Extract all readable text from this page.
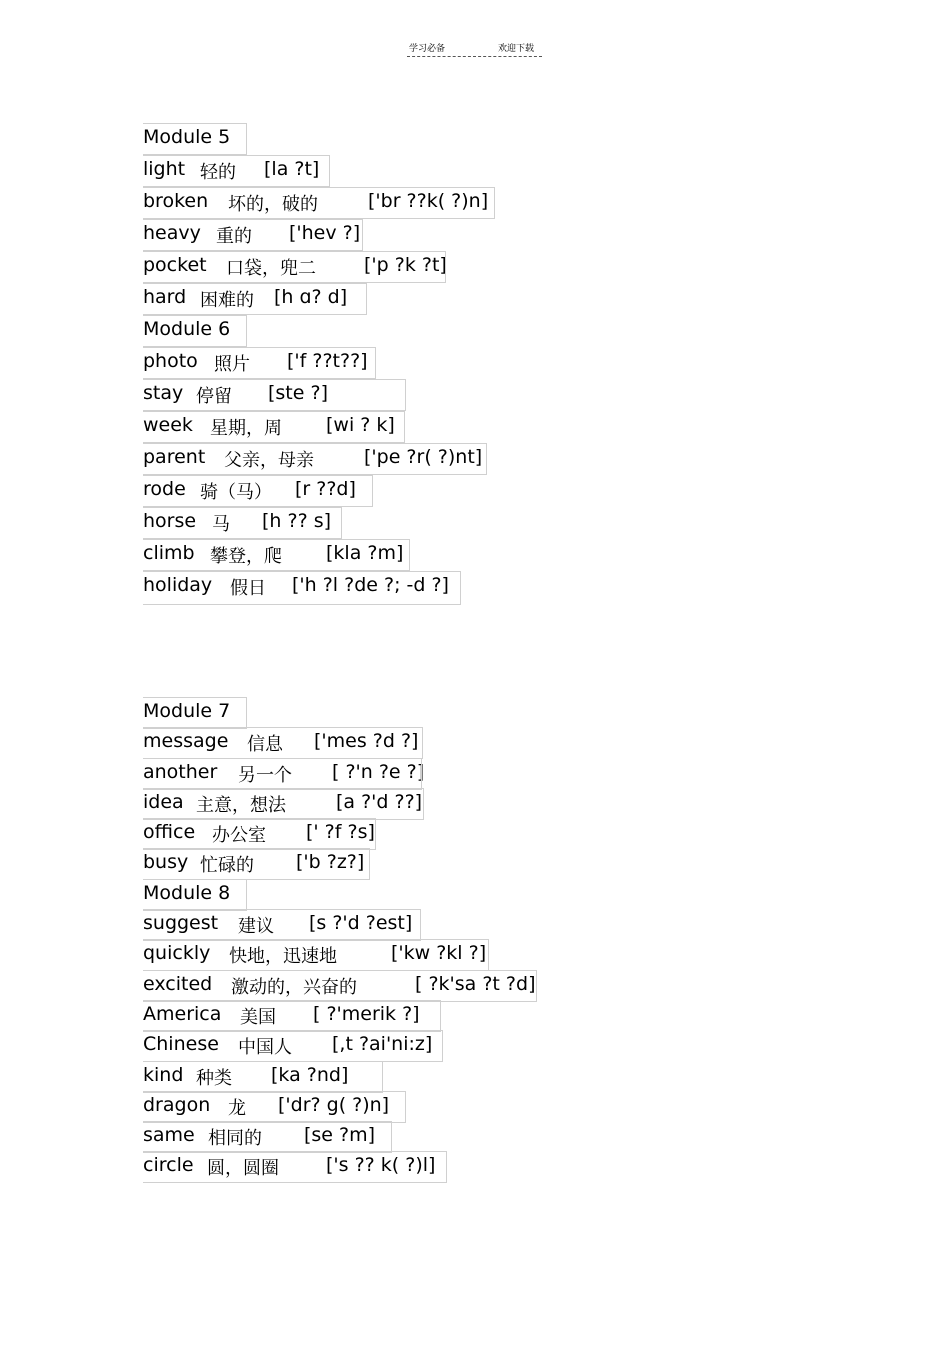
学习必备	欢迎下载
Module 5
light 轻的 [la ?t]
broken 坏的，破的	['br ??k( ?)n]
heavy 重的 ['hev ?]
pocket 口袋，兜二	['p ?k ?t]
hard 困难的 [h ɑ? d]
Module 6
photo 照片 ['f ??t??]
stay 停留 [ste ?]
week 星期，周 [wi ? k]
parent 父亲，母亲	['pe ?r( ?)nt]
rode 骑（马） [r ??d]
horse 马 [h ?? s]
climb 攀登，爬 [kla ?m]
holiday 假日 ['h ?l ?de ?; -d ?]
Module 7
message 信息 ['mes ?d ?]
another 另一个 [ ?'n ?e ?]
idea 主意，想法	[a ?'d ??]
office 办公室 [' ?f ?s]
busy 忙碌的 ['b ?z?]
Module 8
suggest 建议 [s ?'d ?est]
quickly 快地，迅速地	['kw ?kl ?]
excited 激动的，兴奋的	[ ?k'sa ?t ?d]
America 美国 [ ?'merik ?]
Chinese 中国人 [,t ?ai'ni:z]
kind 种类 [ka ?nd]
dragon 龙 ['dr? g( ?)n]
same 相同的 [se ?m]
circle 圆，圆圈 ['s ?? k( ?)l]
